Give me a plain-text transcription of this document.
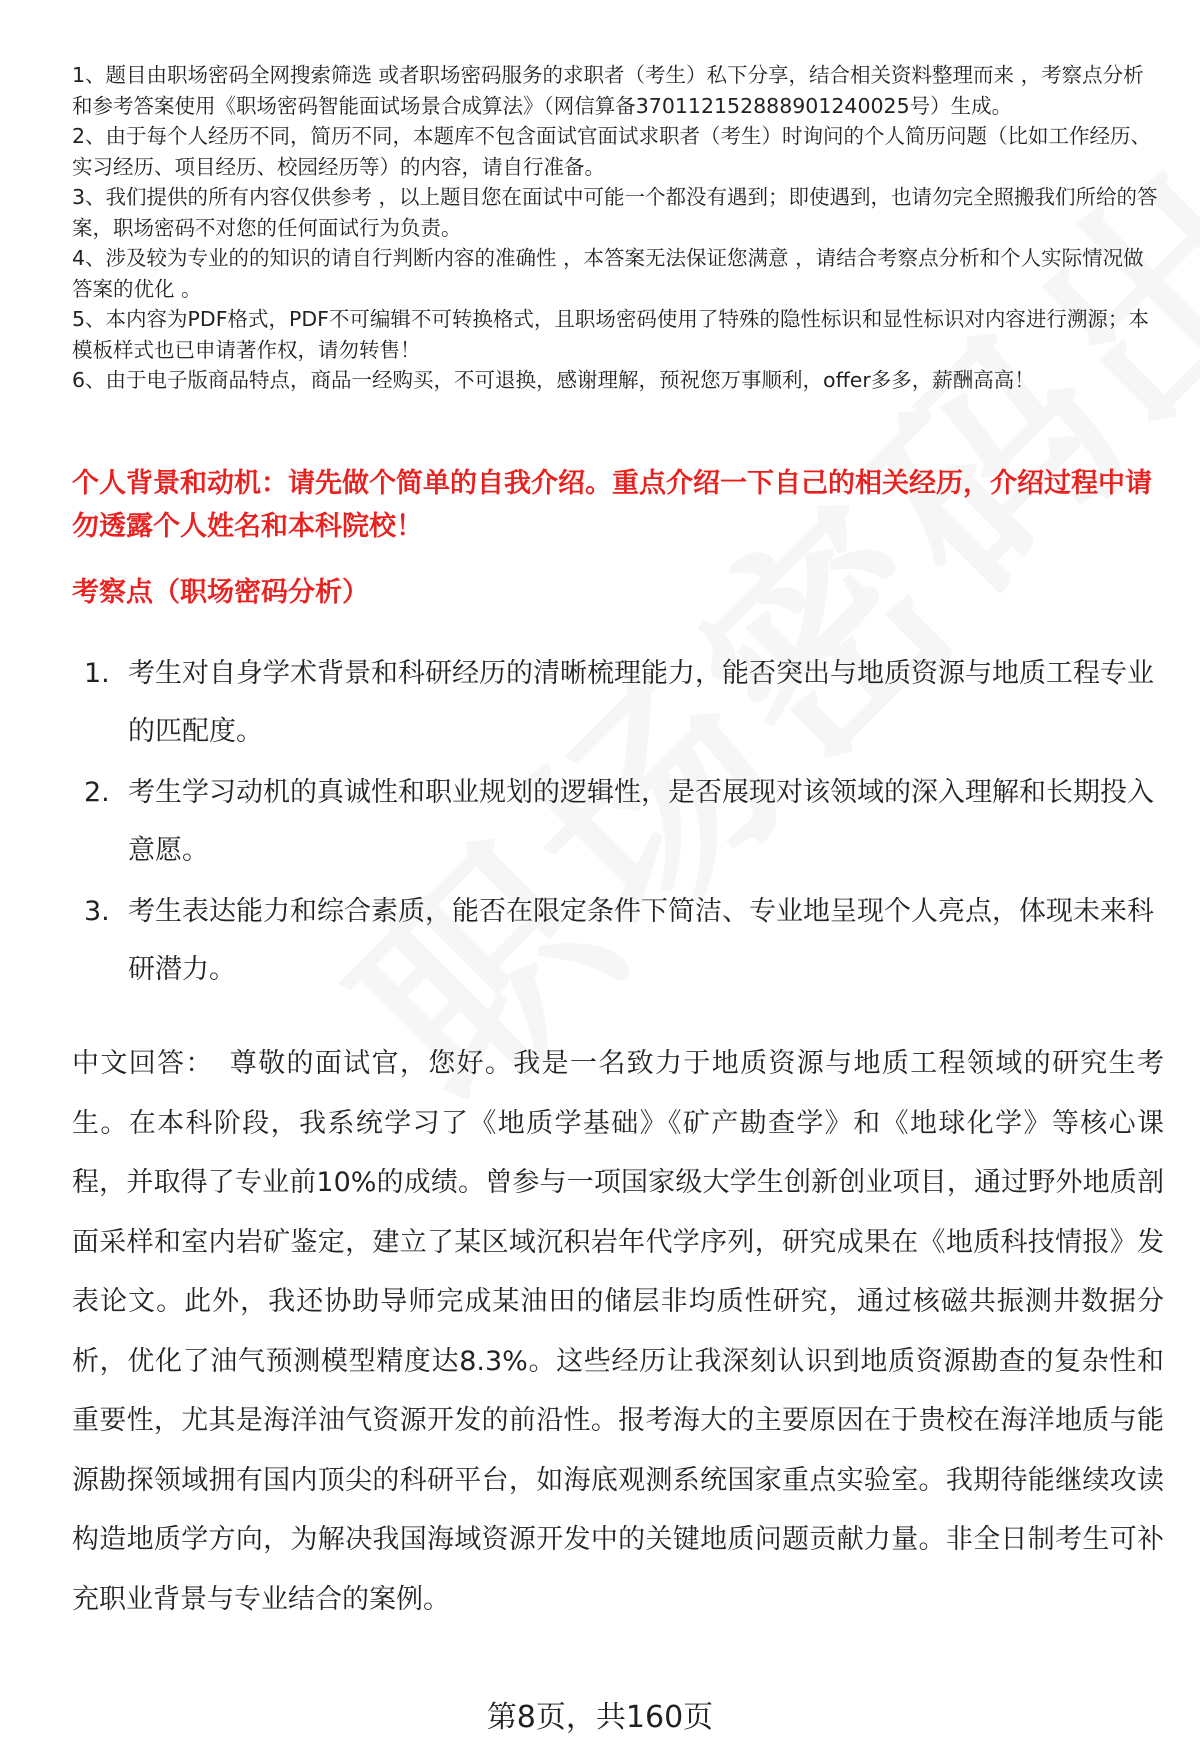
1、题目由职场密码全网搜索筛选 或者职场密码服务的求职者（考生）私下分享，结合相关资料整理而来 ，考察点分析和参考答案使用《职场密码智能面试场景合成算法》（网信算备370112152888901240025号）生成。

2、由于每个人经历不同，简历不同，本题库不包含面试官面试求职者（考生）时询问的个人简历问题（比如工作经历、实习经历、项目经历、校园经历等）的内容，请自行准备。

3、我们提供的所有内容仅供参考 ，以上题目您在面试中可能一个都没有遇到；即使遇到，也请勿完全照搬我们所给的答案，职场密码不对您的任何面试行为负责。

4、涉及较为专业的的知识的请自行判断内容的准确性 ，本答案无法保证您满意 ，请结合考察点分析和个人实际情况做答案的优化 。

5、本内容为PDF格式，PDF不可编辑不可转换格式，且职场密码使用了特殊的隐性标识和显性标识对内容进行溯源；本模板样式也已申请著作权，请勿转售！

6、由于电子版商品特点，商品一经购买，不可退换，感谢理解，预祝您万事顺利，offer多多，薪酬高高！

个人背景和动机：请先做个简单的自我介绍。重点介绍一下自己的相关经历，介绍过程中请勿透露个人姓名和本科院校！

考察点（职场密码分析）

1. 考生对自身学术背景和科研经历的清晰梳理能力，能否突出与地质资源与地质工程专业的匹配度。
2. 考生学习动机的真诚性和职业规划的逻辑性，是否展现对该领域的深入理解和长期投入意愿。
3. 考生表达能力和综合素质，能否在限定条件下简洁、专业地呈现个人亮点，体现未来科研潜力。

中文回答： 尊敬的面试官，您好。我是一名致力于地质资源与地质工程领域的研究生考生。在本科阶段，我系统学习了《地质学基础》《矿产勘查学》和《地球化学》等核心课程，并取得了专业前10%的成绩。曾参与一项国家级大学生创新创业项目，通过野外地质剖面采样和室内岩矿鉴定，建立了某区域沉积岩年代学序列，研究成果在《地质科技情报》发表论文。此外，我还协助导师完成某油田的储层非均质性研究，通过核磁共振测井数据分析，优化了油气预测模型精度达8.3%。这些经历让我深刻认识到地质资源勘查的复杂性和重要性，尤其是海洋油气资源开发的前沿性。报考海大的主要原因在于贵校在海洋地质与能源勘探领域拥有国内顶尖的科研平台，如海底观测系统国家重点实验室。我期待能继续攻读构造地质学方向，为解决我国海域资源开发中的关键地质问题贡献力量。非全日制考生可补充职业背景与专业结合的案例。

第8页，共160页
